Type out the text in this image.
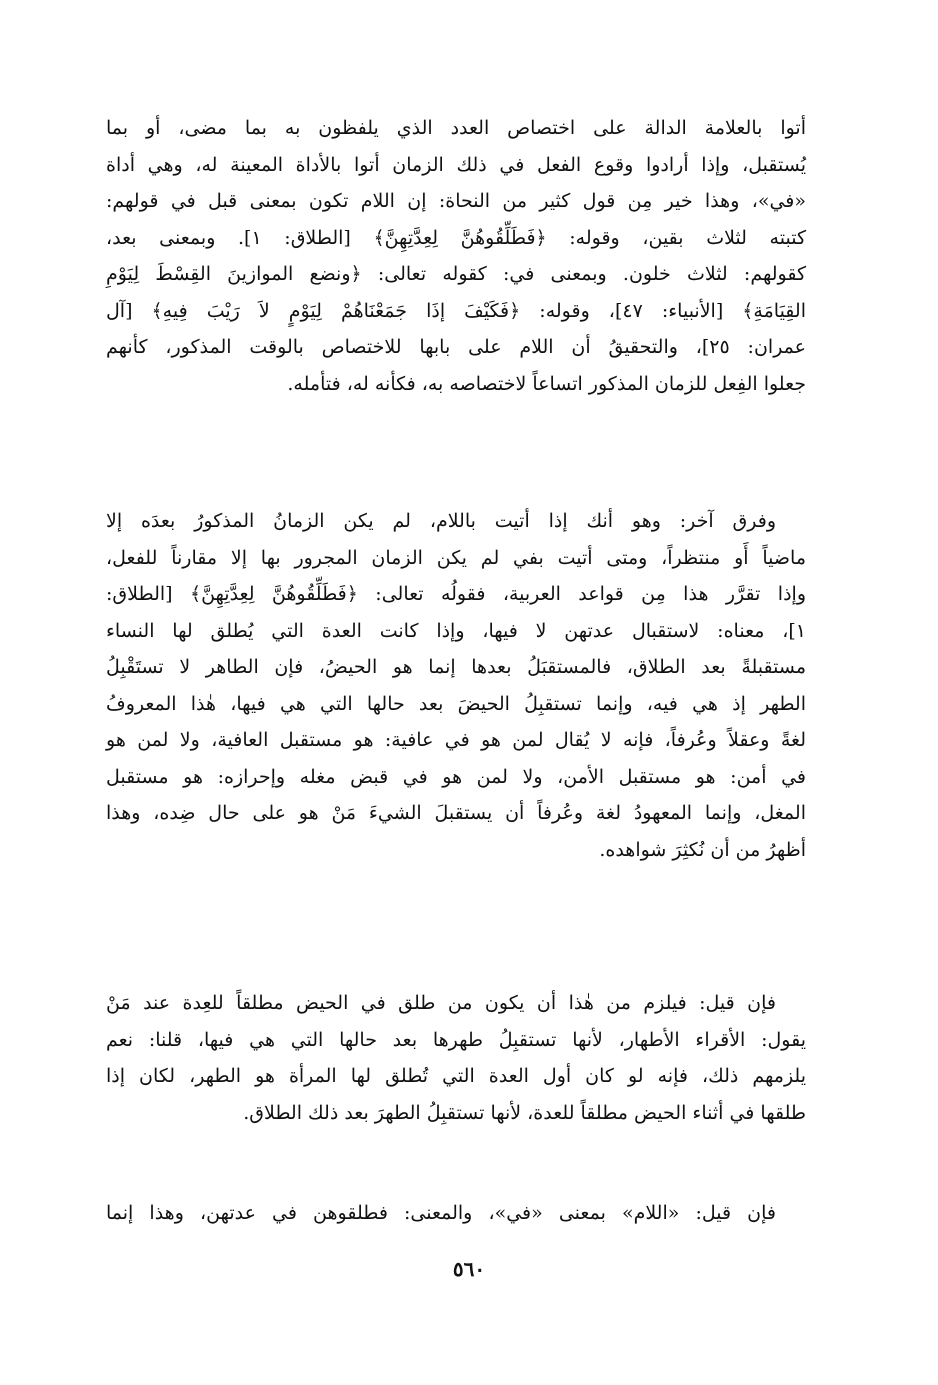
أتوا بالعلامة الدالة على اختصاص العدد الذي يلفظون به بما مضى، أو بما
يُستقبل، وإذا أرادوا وقوع الفعل في ذلك الزمان أتوا بالأداة المعينة له، وهي أداة
«في»، وهذا خير مِن قول كثير من النحاة: إن اللام تكون بمعنى قبل في قولهم:
كتبته لثلاث بقين، وقوله: ﴿فَطَلِّقُوهُنَّ لِعِدَّتِهِنَّ﴾ [الطلاق: ١]. وبمعنى بعد،
كقولهم: لثلاث خلون. وبمعنى في: كقوله تعالى: ﴿ونضع الموازينَ القِسْطَ لِيَوْمِ
القِيَامَةِ﴾ [الأنبياء: ٤٧]، وقوله: ﴿فَكَيْفَ إذَا جَمَعْنَاهُمْ لِيَوْمٍ لاَ رَيْبَ فِيهِ﴾ [آل
عمران: ٢٥]، والتحقيقُ أن اللام على بابها للاختصاص بالوقت المذكور، كأنهم
جعلوا الفِعل للزمان المذكور اتساعاً لاختصاصه به، فكأنه له، فتأمله.
وفرق آخر: وهو أنك إذا أتيت باللام، لم يكن الزمانُ المذكورُ بعدَه إلا
ماضياً أَو منتظراً، ومتى أتيت بفي لم يكن الزمان المجرور بها إلا مقارناً للفعل،
وإذا تقرَّر هذا مِن قواعد العربية، فقولُه تعالى: ﴿فَطَلِّقُوهُنَّ لِعِدَّتِهِنَّ﴾ [الطلاق:
١]، معناه: لاستقبال عدتهن لا فيها، وإذا كانت العدة التي يُطلق لها النساء
مستقبلةً بعد الطلاق، فالمستقبَلُ بعدها إنما هو الحيضُ، فإن الطاهر لا تستَقْبِلُ
الطهر إذ هي فيه، وإنما تستقبِلُ الحيضَ بعد حالها التي هي فيها، هٰذا المعروفُ
لغةً وعقلاً وعُرفاً، فإنه لا يُقال لمن هو في عافية: هو مستقبل العافية، ولا لمن هو
في أمن: هو مستقبل الأمن، ولا لمن هو في قبض مغله وإحرازه: هو مستقبل
المغل، وإنما المعهودُ لغة وعُرفاً أن يستقبلَ الشيءَ مَنْ هو على حال ضِده، وهذا
أظهرُ من أن نُكثِرَ شواهده.
فإن قيل: فيلزم من هٰذا أن يكون من طلق في الحيض مطلقاً للعِدة عند مَنْ
يقول: الأقراء الأطهار، لأنها تستقبِلُ طهرها بعد حالها التي هي فيها، قلنا: نعم
يلزمهم ذلك، فإنه لو كان أول العدة التي تُطلق لها المرأة هو الطهر، لكان إذا
طلقها في أثناء الحيض مطلقاً للعدة، لأنها تستقبِلُ الطهرَ بعد ذلك الطلاق.
فإن قيل: «اللام» بمعنى «في»، والمعنى: فطلقوهن في عدتهن، وهذا إنما
٥٦٠
